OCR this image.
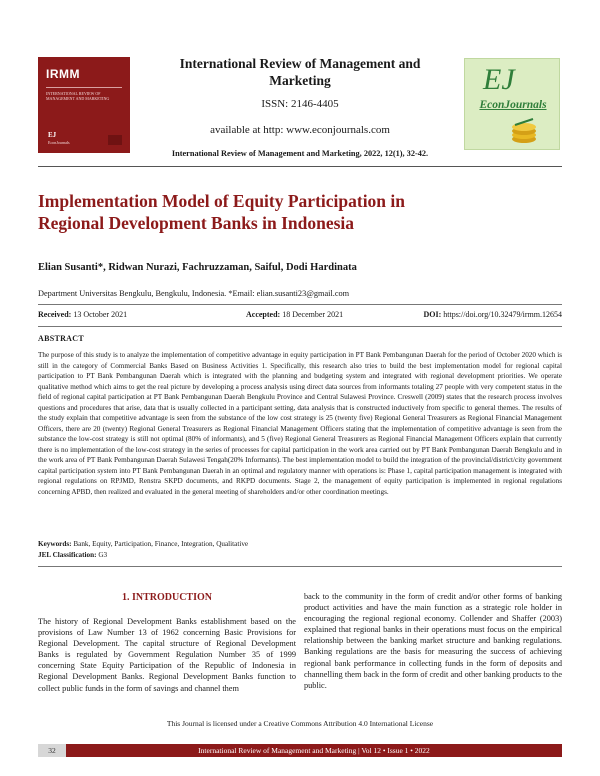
IRMM
INTERNATIONAL REVIEW OF MANAGEMENT AND MARKETING
EJ
EconJournals
International Review of Management and Marketing
ISSN: 2146-4405
available at http: www.econjournals.com
International Review of Management and Marketing, 2022, 12(1), 32-42.
EJ
EconJournals
Implementation Model of Equity Participation in Regional Development Banks in Indonesia
Elian Susanti*, Ridwan Nurazi, Fachruzzaman, Saiful, Dodi Hardinata
Department Universitas Bengkulu, Bengkulu, Indonesia. *Email: elian.susanti23@gmail.com
Received: 13 October 2021	Accepted: 18 December 2021	DOI: https://doi.org/10.32479/irmm.12654
ABSTRACT
The purpose of this study is to analyze the implementation of competitive advantage in equity participation in PT Bank Pembangunan Daerah for the period of October 2020 which is still in the category of Commercial Banks Based on Business Activities 1. Specifically, this research also tries to build the best implementation model for regional capital participation to PT Bank Pembangunan Daerah which is integrated with the planning and budgeting system and integrated with regional development priorities. We operate qualitative method which aims to get the real picture by developing a process analysis using direct data sources from informants totaling 27 people with very competent status in the field of regional capital participation at PT Bank Pembangunan Daerah Bengkulu Province and Central Sulawesi Province. Creswell (2009) states that the research process involves questions and procedures that arise, data that is usually collected in a participant setting, data analysis that is constructed inductively from specific to general themes. The results of the study explain that competitive advantage is seen from the substance of the low cost strategy is 25 (twenty five) Regional General Treasurers as Regional Financial Management Officers, there are 20 (twenty) Regional General Treasurers as Regional Financial Management Officers stating that the implementation of competitive advantage is seen from the substance the low-cost strategy is still not optimal (80% of informants), and 5 (five) Regional General Treasurers as Regional Financial Management Officers explain that currently there is no implementation of the low-cost strategy in the series of processes for capital participation in the work area carried out by PT Bank Pembangunan Daerah Bengkulu and in the work area of PT Bank Pembangunan Daerah Sulawesi Tengah(20% Informants). The best implementation model to build the integration of the provincial/district/city government capital participation system into PT Bank Pembangunan Daerah in an optimal and regulatory manner with operations is: Phase 1, capital participation management is integrated with regional regulations on RPJMD, Renstra SKPD documents, and RKPD documents. Stage 2, the management of equity participation is implemented in regional regulations concerning APBD, then realized and evaluated in the general meeting of shareholders and/or other coordination meetings.
Keywords: Bank, Equity, Participation, Finance, Integration, Qualitative
JEL Classification: G3
1. INTRODUCTION
The history of Regional Development Banks establishment based on the provisions of Law Number 13 of 1962 concerning Basic Provisions for Regional Development. The capital structure of Regional Development Banks is regulated by Government Regulation Number 35 of 1999 concerning State Equity Participation of the Republic of Indonesia in Regional Development Banks. Regional Development Banks function to collect public funds in the form of savings and channel them
back to the community in the form of credit and/or other forms of banking product activities and have the main function as a strategic role holder in encouraging the regional regional economy. Collender and Shaffer (2003) explained that regional banks in their operations must focus on the empirical relationship between the banking market structure and banking regulations. Banking regulations are the basis for measuring the success of achieving regional bank performance in collecting funds in the form of deposits and channelling them back in the form of credit and other banking products to the public.
This Journal is licensed under a Creative Commons Attribution 4.0 International License
32	International Review of Management and Marketing | Vol 12 • Issue 1 • 2022
